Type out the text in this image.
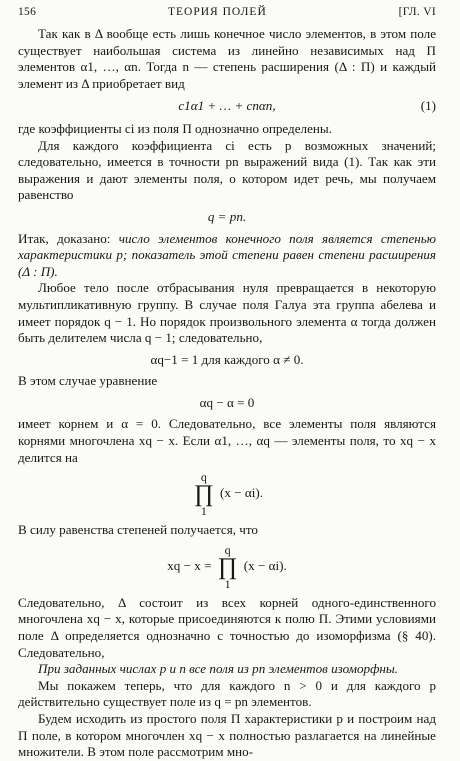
156	ТЕОРИЯ ПОЛЕЙ	[ГЛ. VI

Так как в Δ вообще есть лишь конечное число элементов, в этом поле существует наибольшая система из линейно независимых над П элементов α1, …, αn. Тогда n — степень расширения (Δ : П) и каждый элемент из Δ приобретает вид

c1α1 + … + cnαn,	(1)

где коэффициенты ci из поля П однозначно определены.

Для каждого коэффициента ci есть p возможных значений; следовательно, имеется в точности pn выражений вида (1). Так как эти выражения и дают элементы поля, о котором идет речь, мы получаем равенство

q = pn.

Итак, доказано: число элементов конечного поля является степенью характеристики p; показатель этой степени равен степени расширения (Δ : П).

Любое тело после отбрасывания нуля превращается в некоторую мультипликативную группу. В случае поля Галуа эта группа абелева и имеет порядок q − 1. Но порядок произвольного элемента α тогда должен быть делителем числа q − 1; следовательно,

αq−1 = 1 для каждого α ≠ 0.

В этом случае уравнение

αq − α = 0

имеет корнем и α = 0. Следовательно, все элементы поля являются корнями многочлена xq − x. Если α1, …, αq — элементы поля, то xq − x делится на

q
∏
1 (x − αi).

В силу равенства степеней получается, что

xq − x = q
∏
1 (x − αi).

Следовательно, Δ состоит из всех корней одного-единственного многочлена xq − x, которые присоединяются к полю П. Этими условиями поле Δ определяется однозначно с точностью до изоморфизма (§ 40). Следовательно,

При заданных числах p и n все поля из pn элементов изоморфны.

Мы покажем теперь, что для каждого n > 0 и для каждого p действительно существует поле из q = pn элементов.

Будем исходить из простого поля П характеристики p и построим над П поле, в котором многочлен xq − x полностью разлагается на линейные множители. В этом поле рассмотрим мно-
